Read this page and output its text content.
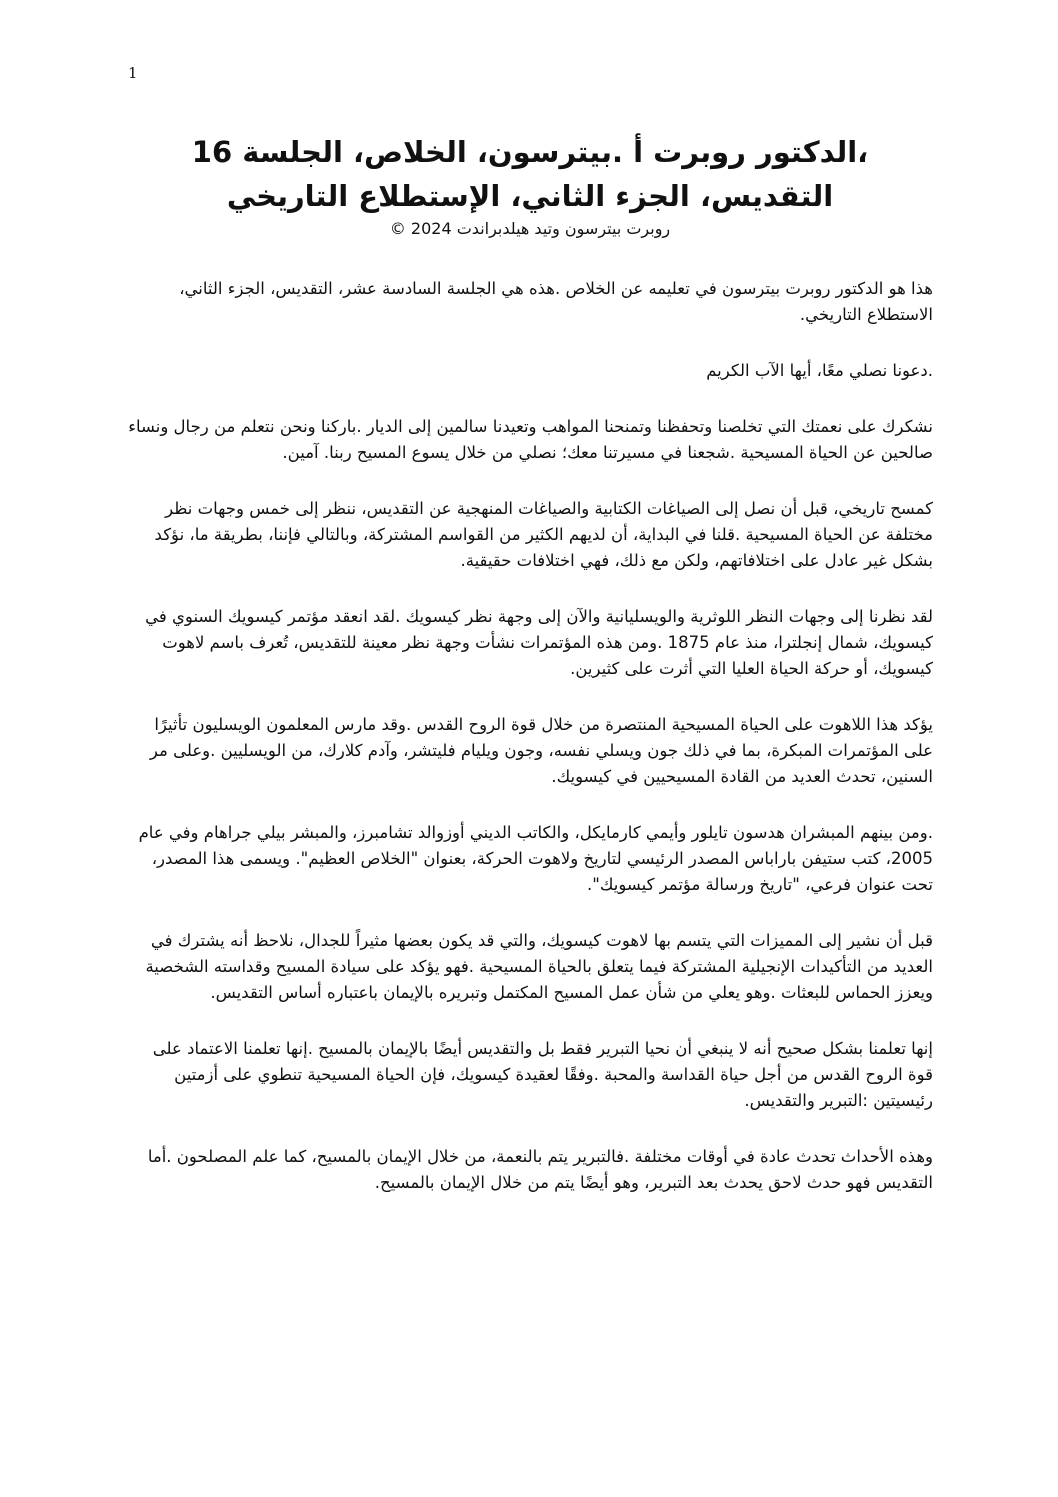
1
،الدكتور روبرت أ .بيترسون، الخلاص، الجلسة 16
التقديس، الجزء الثاني، الإستطلاع التاريخي
روبرت بيترسون وتيد هيلدبراندت 2024 ©

هذا هو الدكتور روبرت بيترسون في تعليمه عن الخلاص .هذه هي الجلسة السادسة عشر، التقديس، الجزء الثاني، الاستطلاع التاريخي.

.دعونا نصلي معًا، أيها الآب الكريم

نشكرك على نعمتك التي تخلصنا وتحفظنا وتمنحنا المواهب وتعيدنا سالمين إلى الديار .باركنا ونحن نتعلم من رجال ونساء صالحين عن الحياة المسيحية .شجعنا في مسيرتنا معك؛ نصلي من خلال يسوع المسيح ربنا. آمين.

كمسح تاريخي، قبل أن نصل إلى الصياغات الكتابية والصياغات المنهجية عن التقديس، ننظر إلى خمس وجهات نظر مختلفة عن الحياة المسيحية .قلنا في البداية، أن لديهم الكثير من القواسم المشتركة، وبالتالي فإننا، بطريقة ما، نؤكد بشكل غير عادل على اختلافاتهم، ولكن مع ذلك، فهي اختلافات حقيقية.

لقد نظرنا إلى وجهات النظر اللوثرية والويسليانية والآن إلى وجهة نظر كيسويك .لقد انعقد مؤتمر كيسويك السنوي في كيسويك، شمال إنجلترا، منذ عام 1875 .ومن هذه المؤتمرات نشأت وجهة نظر معينة للتقديس، تُعرف باسم لاهوت كيسويك، أو حركة الحياة العليا التي أثرت على كثيرين.

يؤكد هذا اللاهوت على الحياة المسيحية المنتصرة من خلال قوة الروح القدس .وقد مارس المعلمون الويسليون تأثيرًا على المؤتمرات المبكرة، بما في ذلك جون ويسلي نفسه، وجون ويليام فليتشر، وآدم كلارك، من الويسليين .وعلى مر السنين، تحدث العديد من القادة المسيحيين في كيسويك.

.ومن بينهم المبشران هدسون تايلور وأيمي كارمايكل، والكاتب الديني أوزوالد تشامبرز، والمبشر بيلي جراهام وفي عام 2005، كتب ستيفن باراباس المصدر الرئيسي لتاريخ ولاهوت الحركة، بعنوان "الخلاص العظيم". ويسمى هذا المصدر، تحت عنوان فرعي، "تاريخ ورسالة مؤتمر كيسويك".

قبل أن نشير إلى المميزات التي يتسم بها لاهوت كيسويك، والتي قد يكون بعضها مثيراً للجدال، نلاحظ أنه يشترك في العديد من التأكيدات الإنجيلية المشتركة فيما يتعلق بالحياة المسيحية .فهو يؤكد على سيادة المسيح وقداسته الشخصية ويعزز الحماس للبعثات .وهو يعلي من شأن عمل المسيح المكتمل وتبريره بالإيمان باعتباره أساس التقديس.

إنها تعلمنا بشكل صحيح أنه لا ينبغي أن نحيا التبرير فقط بل والتقديس أيضًا بالإيمان بالمسيح .إنها تعلمنا الاعتماد على قوة الروح القدس من أجل حياة القداسة والمحبة .وفقًا لعقيدة كيسويك، فإن الحياة المسيحية تنطوي على أزمتين رئيسيتين :التبرير والتقديس.

وهذه الأحداث تحدث عادة في أوقات مختلفة .فالتبرير يتم بالنعمة، من خلال الإيمان بالمسيح، كما علم المصلحون .أما التقديس فهو حدث لاحق يحدث بعد التبرير، وهو أيضًا يتم من خلال الإيمان بالمسيح.
